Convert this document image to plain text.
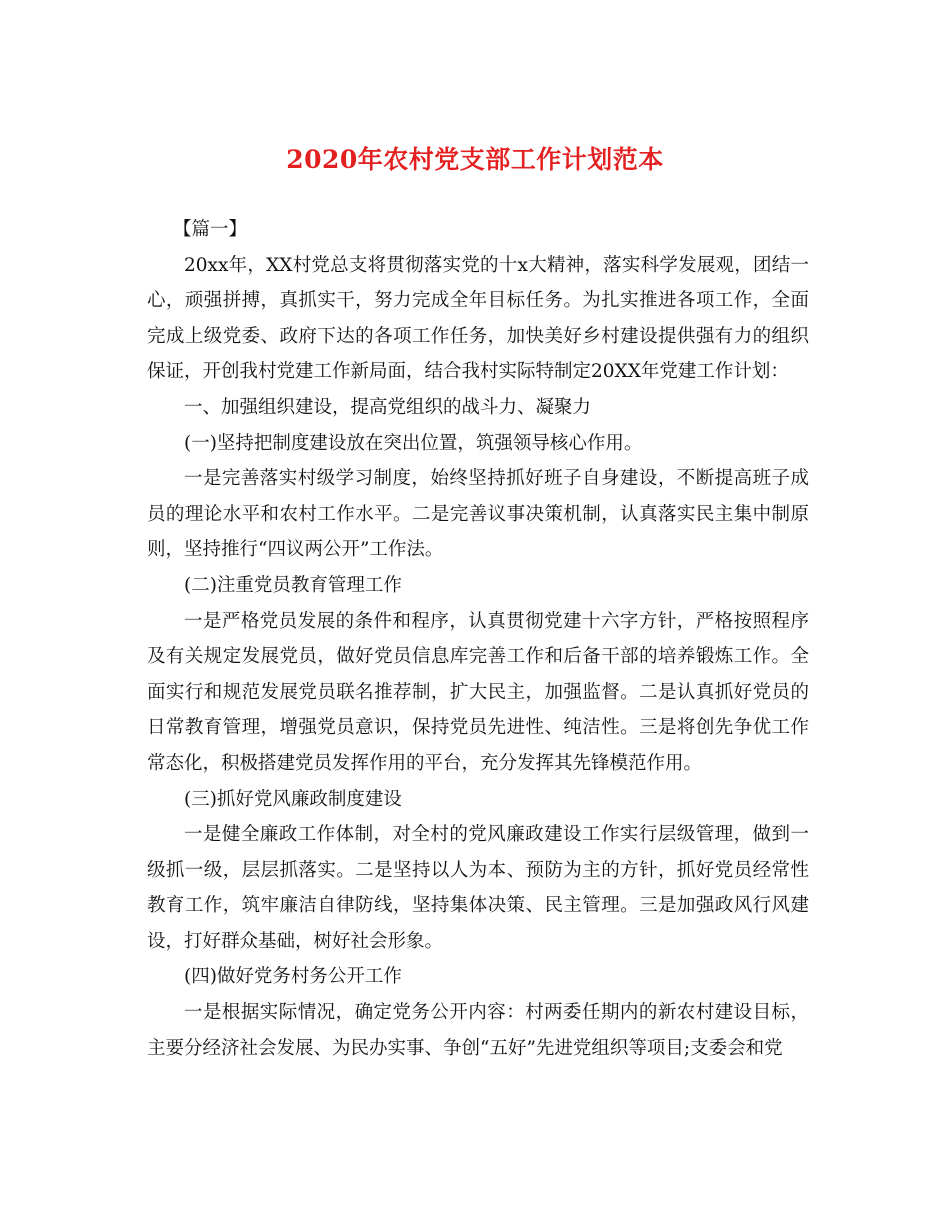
2020年农村党支部工作计划范本

【篇一】

20xx年，XX村党总支将贯彻落实党的十x大精神，落实科学发展观，团结一心，顽强拼搏，真抓实干，努力完成全年目标任务。为扎实推进各项工作，全面完成上级党委、政府下达的各项工作任务，加快美好乡村建设提供强有力的组织保证，开创我村党建工作新局面，结合我村实际特制定20XX年党建工作计划：

一、加强组织建设，提高党组织的战斗力、凝聚力

(一)坚持把制度建设放在突出位置，筑强领导核心作用。

一是完善落实村级学习制度，始终坚持抓好班子自身建设，不断提高班子成员的理论水平和农村工作水平。二是完善议事决策机制，认真落实民主集中制原则，坚持推行“四议两公开”工作法。

(二)注重党员教育管理工作

一是严格党员发展的条件和程序，认真贯彻党建十六字方针，严格按照程序及有关规定发展党员，做好党员信息库完善工作和后备干部的培养锻炼工作。全面实行和规范发展党员联名推荐制，扩大民主，加强监督。二是认真抓好党员的日常教育管理，增强党员意识，保持党员先进性、纯洁性。三是将创先争优工作常态化，积极搭建党员发挥作用的平台，充分发挥其先锋模范作用。

(三)抓好党风廉政制度建设

一是健全廉政工作体制，对全村的党风廉政建设工作实行层级管理，做到一级抓一级，层层抓落实。二是坚持以人为本、预防为主的方针，抓好党员经常性教育工作，筑牢廉洁自律防线，坚持集体决策、民主管理。三是加强政风行风建设，打好群众基础，树好社会形象。

(四)做好党务村务公开工作

一是根据实际情况，确定党务公开内容：村两委任期内的新农村建设目标，主要分经济社会发展、为民办实事、争创“五好”先进党组织等项目;支委会和党
